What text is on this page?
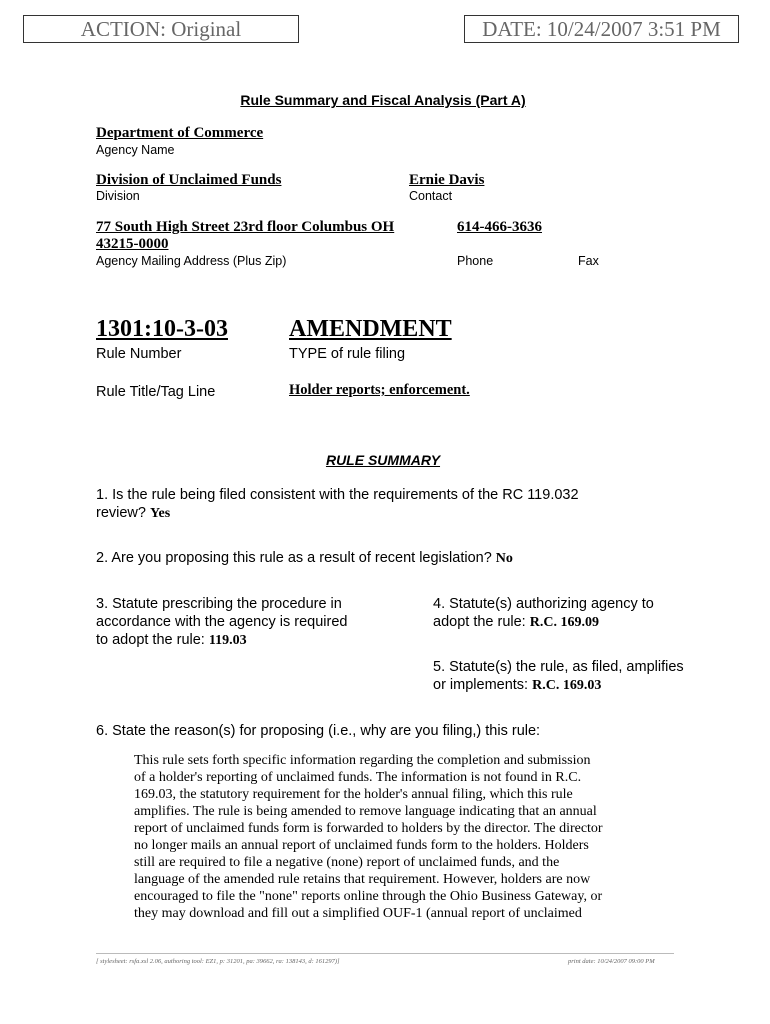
ACTION: Original	DATE: 10/24/2007 3:51 PM
Rule Summary and Fiscal Analysis (Part A)
Department of Commerce
Agency Name
Division of Unclaimed Funds
Division
Ernie Davis
Contact
77 South High Street 23rd floor Columbus OH
43215-0000
Agency Mailing Address (Plus Zip)
614-466-3636
Phone	Fax
1301:10-3-03
Rule Number
AMENDMENT
TYPE of rule filing
Rule Title/Tag Line	Holder reports; enforcement.
RULE SUMMARY
1. Is the rule being filed consistent with the requirements of the RC 119.032
review? Yes
2. Are you proposing this rule as a result of recent legislation? No
3. Statute prescribing the procedure in
accordance with the agency is required
to adopt the rule: 119.03
4. Statute(s) authorizing agency to
adopt the rule: R.C. 169.09
5. Statute(s) the rule, as filed, amplifies
or implements: R.C. 169.03
6. State the reason(s) for proposing (i.e., why are you filing,) this rule:
This rule sets forth specific information regarding the completion and submission
of a holder's reporting of unclaimed funds. The information is not found in R.C.
169.03, the statutory requirement for the holder's annual filing, which this rule
amplifies. The rule is being amended to remove language indicating that an annual
report of unclaimed funds form is forwarded to holders by the director. The director
no longer mails an annual report of unclaimed funds form to the holders. Holders
still are required to file a negative (none) report of unclaimed funds, and the
language of the amended rule retains that requirement. However, holders are now
encouraged to file the "none" reports online through the Ohio Business Gateway, or
they may download and fill out a simplified OUF-1 (annual report of unclaimed
[ stylesheet: rsfa.xsl 2.06, authoring tool: EZ1, p: 31201, pa: 39662, ra: 138143, d: 161297)]	print date: 10/24/2007 09:00 PM
